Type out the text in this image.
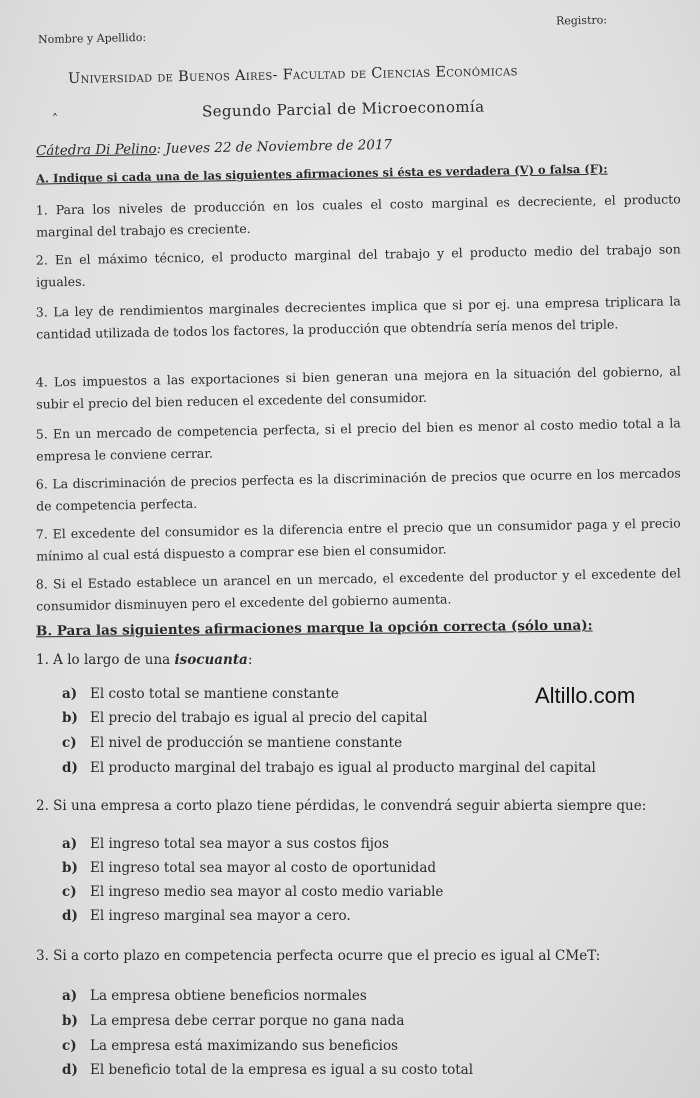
Nombre y Apellido:
Registro:
Universidad de Buenos Aires- Facultad de Ciencias Económicas
Segundo Parcial de Microeconomía
˄
Cátedra Di Pelino: Jueves 22 de Noviembre de 2017
A. Indique si cada una de las siguientes afirmaciones si ésta es verdadera (V) o falsa (F):
1. Para los niveles de producción en los cuales el costo marginal es decreciente, el producto marginal del trabajo es creciente.
2. En el máximo técnico, el producto marginal del trabajo y el producto medio del trabajo son iguales.
3. La ley de rendimientos marginales decrecientes implica que si por ej. una empresa triplicara la cantidad utilizada de todos los factores, la producción que obtendría sería menos del triple.
4. Los impuestos a las exportaciones si bien generan una mejora en la situación del gobierno, al subir el precio del bien reducen el excedente del consumidor.
5. En un mercado de competencia perfecta, si el precio del bien es menor al costo medio total a la empresa le conviene cerrar.
6. La discriminación de precios perfecta es la discriminación de precios que ocurre en los mercados de competencia perfecta.
7. El excedente del consumidor es la diferencia entre el precio que un consumidor paga y el precio mínimo al cual está dispuesto a comprar ese bien el consumidor.
8. Si el Estado establece un arancel en un mercado, el excedente del productor y el excedente del consumidor disminuyen pero el excedente del gobierno aumenta.
B. Para las siguientes afirmaciones marque la opción correcta (sólo una):
1. A lo largo de una isocuanta:
a) El costo total se mantiene constante
b) El precio del trabajo es igual al precio del capital
c) El nivel de producción se mantiene constante
d) El producto marginal del trabajo es igual al producto marginal del capital
Altillo.com
2. Si una empresa a corto plazo tiene pérdidas, le convendrá seguir abierta siempre que:
a) El ingreso total sea mayor a sus costos fijos
b) El ingreso total sea mayor al costo de oportunidad
c) El ingreso medio sea mayor al costo medio variable
d) El ingreso marginal sea mayor a cero.
3. Si a corto plazo en competencia perfecta ocurre que el precio es igual al CMeT:
a) La empresa obtiene beneficios normales
b) La empresa debe cerrar porque no gana nada
c) La empresa está maximizando sus beneficios
d) El beneficio total de la empresa es igual a su costo total
